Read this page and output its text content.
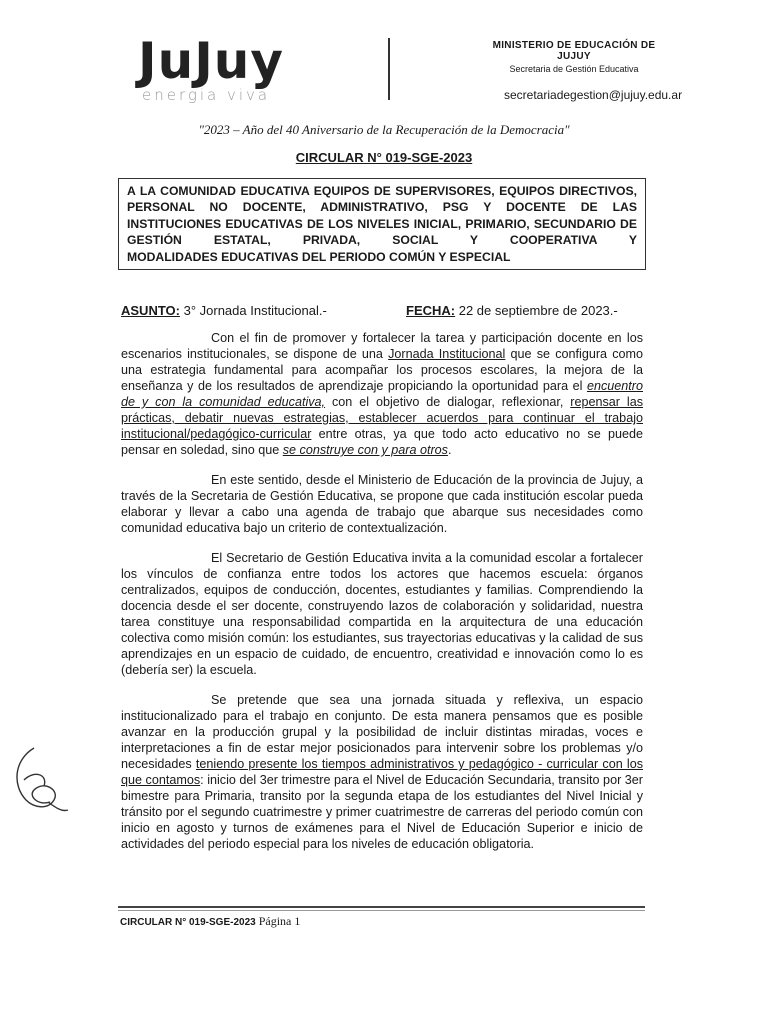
JuJuy
energia viva
MINISTERIO DE EDUCACIÓN DE JUJUY
Secretaria de Gestión Educativa
secretariadegestion@jujuy.edu.ar
"2023 – Año del 40 Aniversario de la Recuperación de la Democracia"
CIRCULAR N° 019-SGE-2023
A LA COMUNIDAD EDUCATIVA EQUIPOS DE SUPERVISORES, EQUIPOS DIRECTIVOS, PERSONAL NO DOCENTE, ADMINISTRATIVO, PSG Y DOCENTE DE LAS INSTITUCIONES EDUCATIVAS DE LOS NIVELES INICIAL, PRIMARIO, SECUNDARIO DE GESTIÓN ESTATAL, PRIVADA, SOCIAL Y COOPERATIVA Y
MODALIDADES EDUCATIVAS DEL PERIODO COMÚN Y ESPECIAL
ASUNTO: 3° Jornada Institucional.-	FECHA: 22 de septiembre de 2023.-

Con el fin de promover y fortalecer la tarea y participación docente en los escenarios institucionales, se dispone de una Jornada Institucional que se configura como una estrategia fundamental para acompañar los procesos escolares, la mejora de la enseñanza y de los resultados de aprendizaje propiciando la oportunidad para el encuentro de y con la comunidad educativa, con el objetivo de dialogar, reflexionar, repensar las prácticas, debatir nuevas estrategias, establecer acuerdos para continuar el trabajo institucional/pedagógico-curricular entre otras, ya que todo acto educativo no se puede pensar en soledad, sino que se construye con y para otros.

En este sentido, desde el Ministerio de Educación de la provincia de Jujuy, a través de la Secretaria de Gestión Educativa, se propone que cada institución escolar pueda elaborar y llevar a cabo una agenda de trabajo que abarque sus necesidades como comunidad educativa bajo un criterio de contextualización.

El Secretario de Gestión Educativa invita a la comunidad escolar a fortalecer los vínculos de confianza entre todos los actores que hacemos escuela: órganos centralizados, equipos de conducción, docentes, estudiantes y familias. Comprendiendo la docencia desde el ser docente, construyendo lazos de colaboración y solidaridad, nuestra tarea constituye una responsabilidad compartida en la arquitectura de una educación colectiva como misión común: los estudiantes, sus trayectorias educativas y la calidad de sus aprendizajes en un espacio de cuidado, de encuentro, creatividad e innovación como lo es (debería ser) la escuela.

Se pretende que sea una jornada situada y reflexiva, un espacio institucionalizado para el trabajo en conjunto. De esta manera pensamos que es posible avanzar en la producción grupal y la posibilidad de incluir distintas miradas, voces e interpretaciones a fin de estar mejor posicionados para intervenir sobre los problemas y/o necesidades teniendo presente los tiempos administrativos y pedagógico - curricular con los que contamos: inicio del 3er trimestre para el Nivel de Educación Secundaria, transito por 3er bimestre para Primaria, transito por la segunda etapa de los estudiantes del Nivel Inicial y tránsito por el segundo cuatrimestre y primer cuatrimestre de carreras del periodo común con inicio en agosto y turnos de exámenes para el Nivel de Educación Superior e inicio de actividades del periodo especial para los niveles de educación obligatoria.

CIRCULAR N° 019-SGE-2023 Página 1
